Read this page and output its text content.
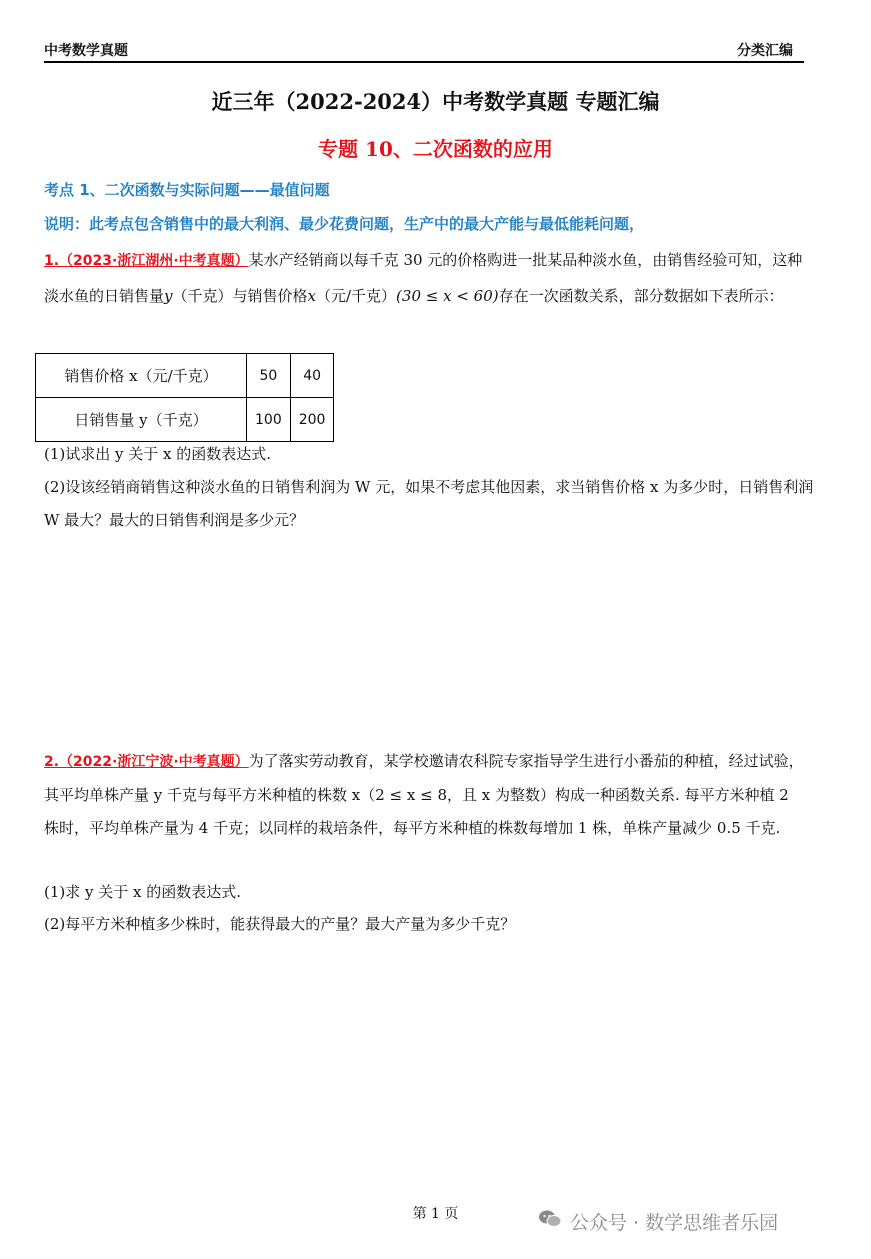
中考数学真题	分类汇编
近三年（2022-2024）中考数学真题 专题汇编
专题 10、二次函数的应用
考点 1、二次函数与实际问题——最值问题
说明：此考点包含销售中的最大利润、最少花费问题，生产中的最大产能与最低能耗问题，
1.（2023·浙江湖州·中考真题）某水产经销商以每千克 30 元的价格购进一批某品种淡水鱼，由销售经验可知，这种淡水鱼的日销售量y（千克）与销售价格x（元/千克）(30 ≤ x < 60)存在一次函数关系，部分数据如下表所示：
销售价格 x（元/千克）	50	40
日销售量 y（千克）	100	200
(1)试求出 y 关于 x 的函数表达式.
(2)设该经销商销售这种淡水鱼的日销售利润为 W 元，如果不考虑其他因素，求当销售价格 x 为多少时，日销售利润 W 最大？最大的日销售利润是多少元？
2.（2022·浙江宁波·中考真题）为了落实劳动教育，某学校邀请农科院专家指导学生进行小番茄的种植，经过试验，其平均单株产量 y 千克与每平方米种植的株数 x（2 ≤ x ≤ 8，且 x 为整数）构成一种函数关系. 每平方米种植 2 株时，平均单株产量为 4 千克；以同样的栽培条件，每平方米种植的株数每增加 1 株，单株产量减少 0.5 千克.
(1)求 y 关于 x 的函数表达式.
(2)每平方米种植多少株时，能获得最大的产量？最大产量为多少千克？
第 1 页	公众号 · 数学思维者乐园
